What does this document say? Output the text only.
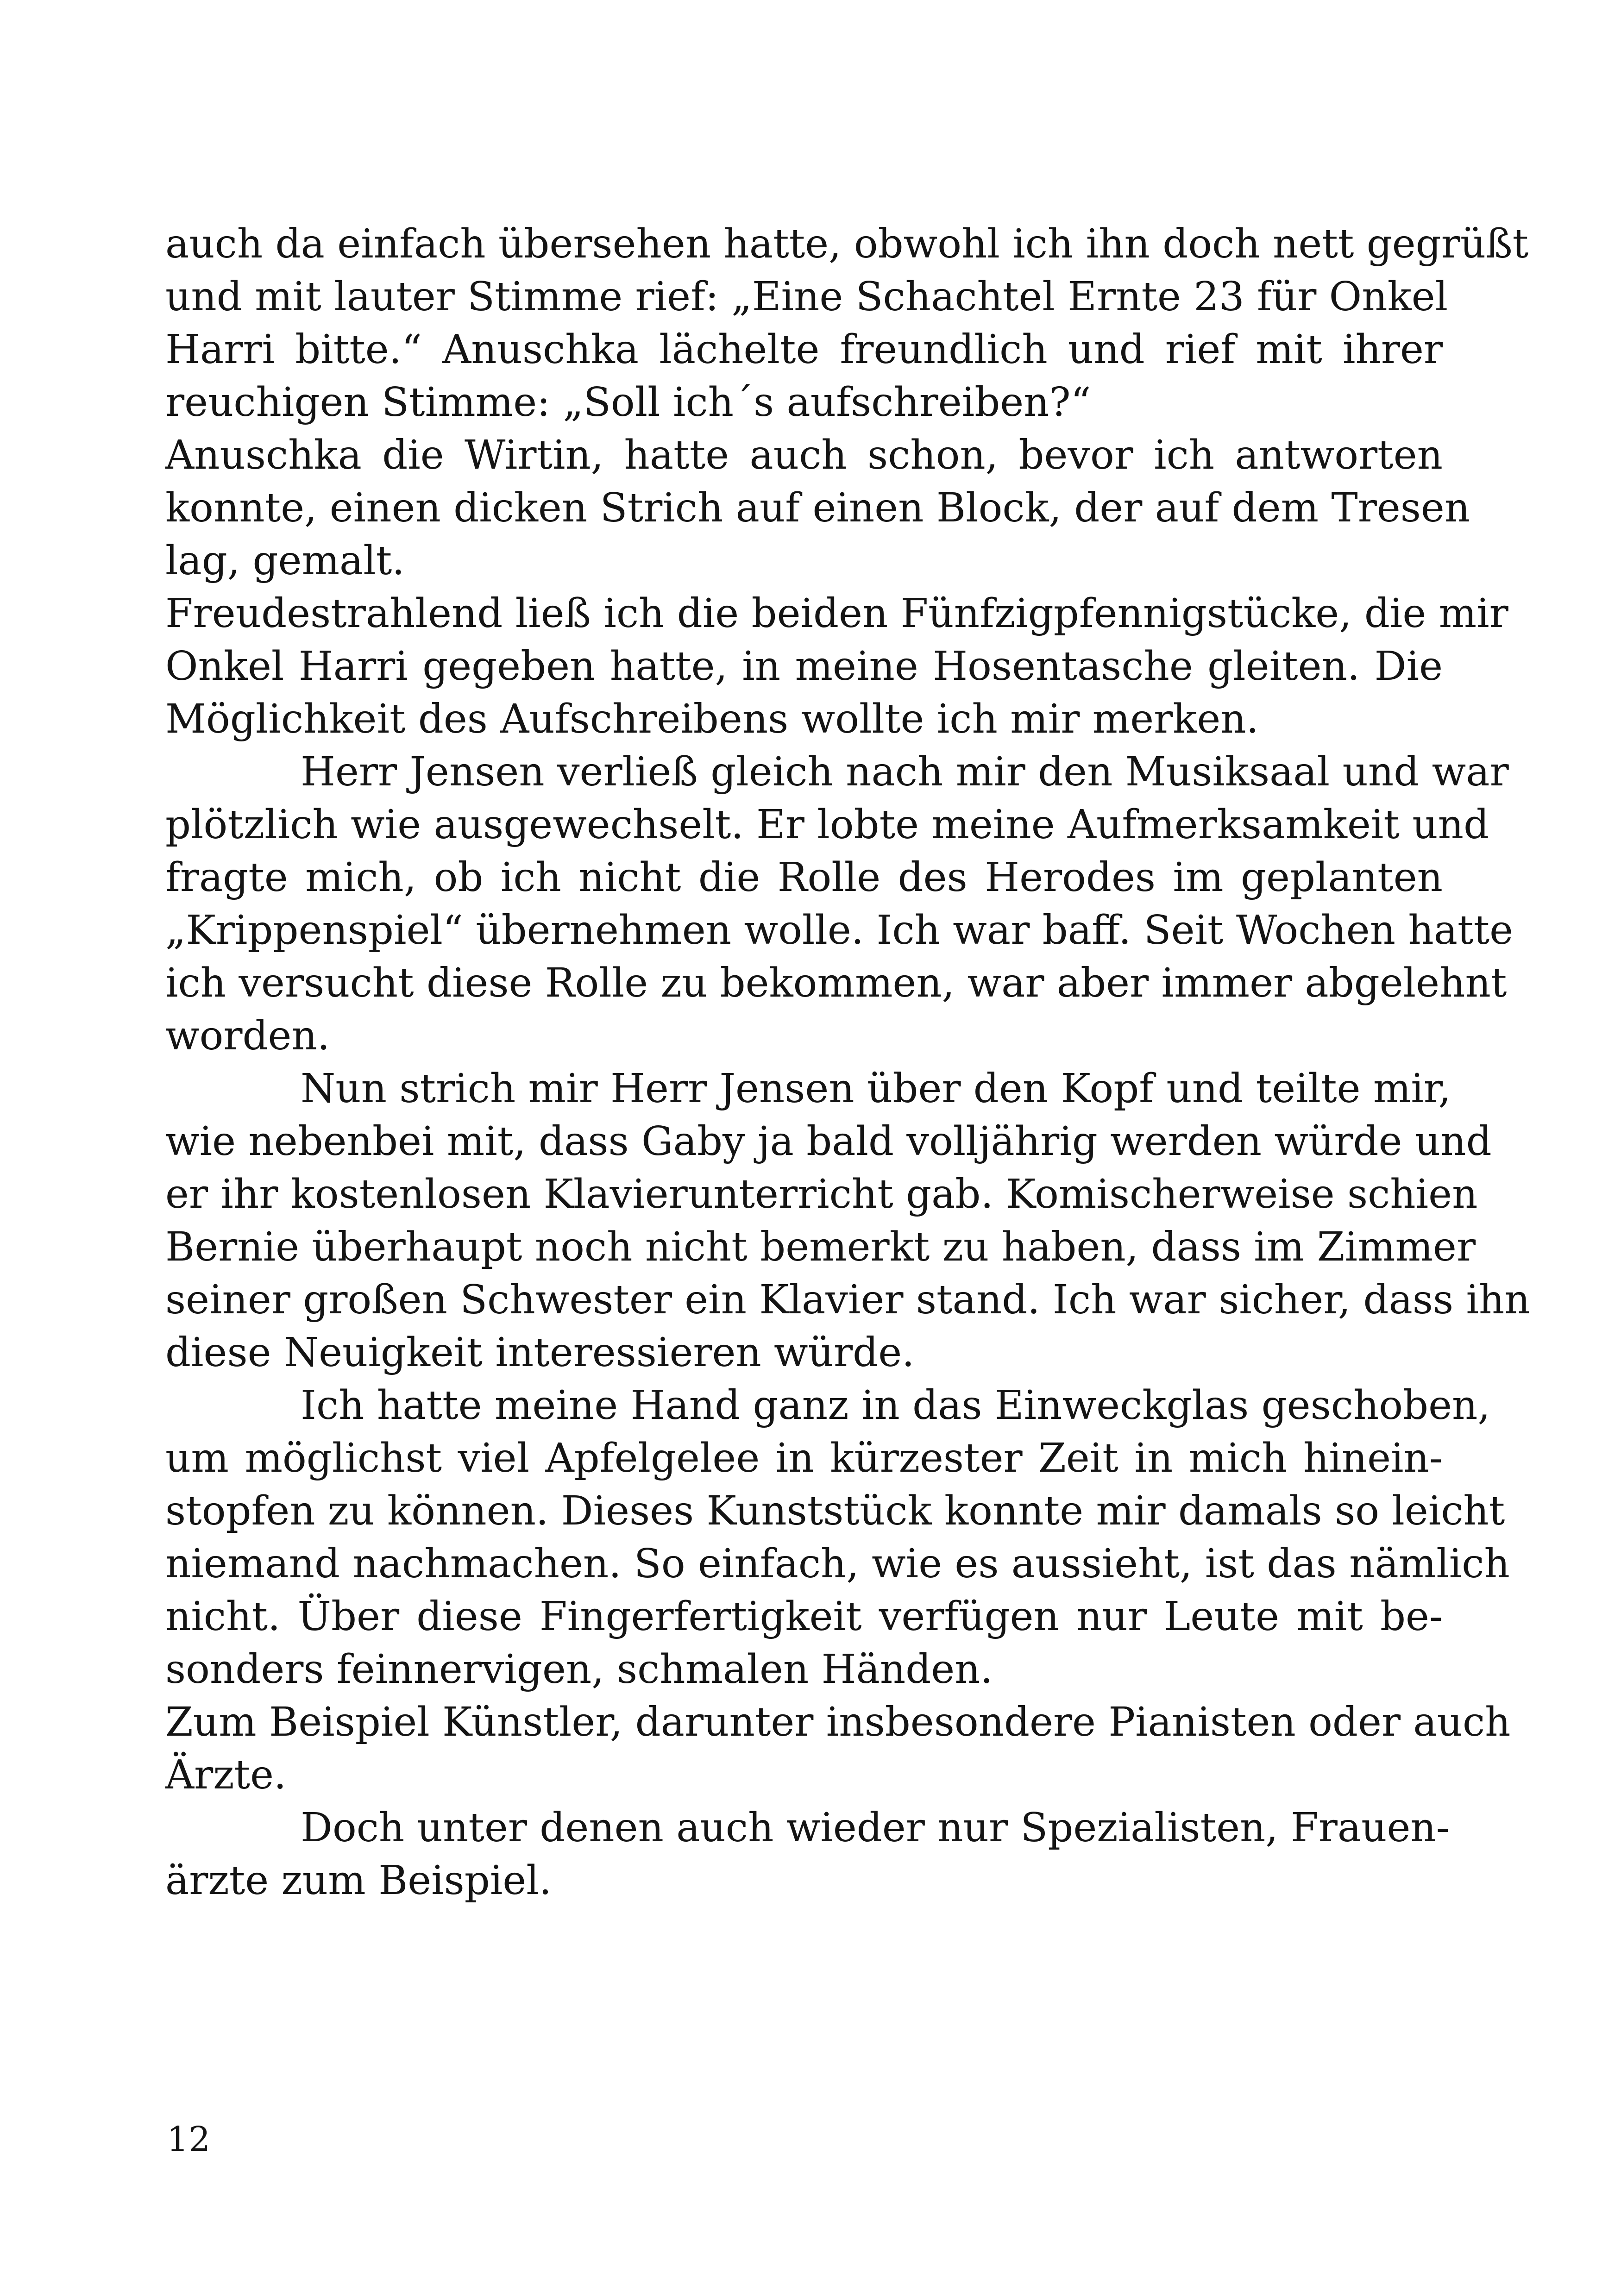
auch da einfach übersehen hatte, obwohl ich ihn doch nett gegrüßt
und mit lauter Stimme rief: „Eine Schachtel Ernte 23 für Onkel
Harri bitte.“ Anuschka lächelte freundlich und rief mit ihrer
reuchigen Stimme: „Soll ich´s aufschreiben?“
Anuschka die Wirtin, hatte auch schon, bevor ich antworten
konnte, einen dicken Strich auf einen Block, der auf dem Tresen
lag, gemalt.
Freudestrahlend ließ ich die beiden Fünfzigpfennigstücke, die mir
Onkel Harri gegeben hatte, in meine Hosentasche gleiten. Die
Möglichkeit des Aufschreibens wollte ich mir merken.
Herr Jensen verließ gleich nach mir den Musiksaal und war
plötzlich wie ausgewechselt. Er lobte meine Aufmerksamkeit und
fragte mich, ob ich nicht die Rolle des Herodes im geplanten
„Krippenspiel“ übernehmen wolle. Ich war baff. Seit Wochen hatte
ich versucht diese Rolle zu bekommen, war aber immer abgelehnt
worden.
Nun strich mir Herr Jensen über den Kopf und teilte mir,
wie nebenbei mit, dass Gaby ja bald volljährig werden würde und
er ihr kostenlosen Klavierunterricht gab. Komischerweise schien
Bernie überhaupt noch nicht bemerkt zu haben, dass im Zimmer
seiner großen Schwester ein Klavier stand. Ich war sicher, dass ihn
diese Neuigkeit interessieren würde.
Ich hatte meine Hand ganz in das Einweckglas geschoben,
um möglichst viel Apfelgelee in kürzester Zeit in mich hinein-
stopfen zu können. Dieses Kunststück konnte mir damals so leicht
niemand nachmachen. So einfach, wie es aussieht, ist das nämlich
nicht. Über diese Fingerfertigkeit verfügen nur Leute mit be-
sonders feinnervigen, schmalen Händen.
Zum Beispiel Künstler, darunter insbesondere Pianisten oder auch
Ärzte.
Doch unter denen auch wieder nur Spezialisten, Frauen-
ärzte zum Beispiel.
12
